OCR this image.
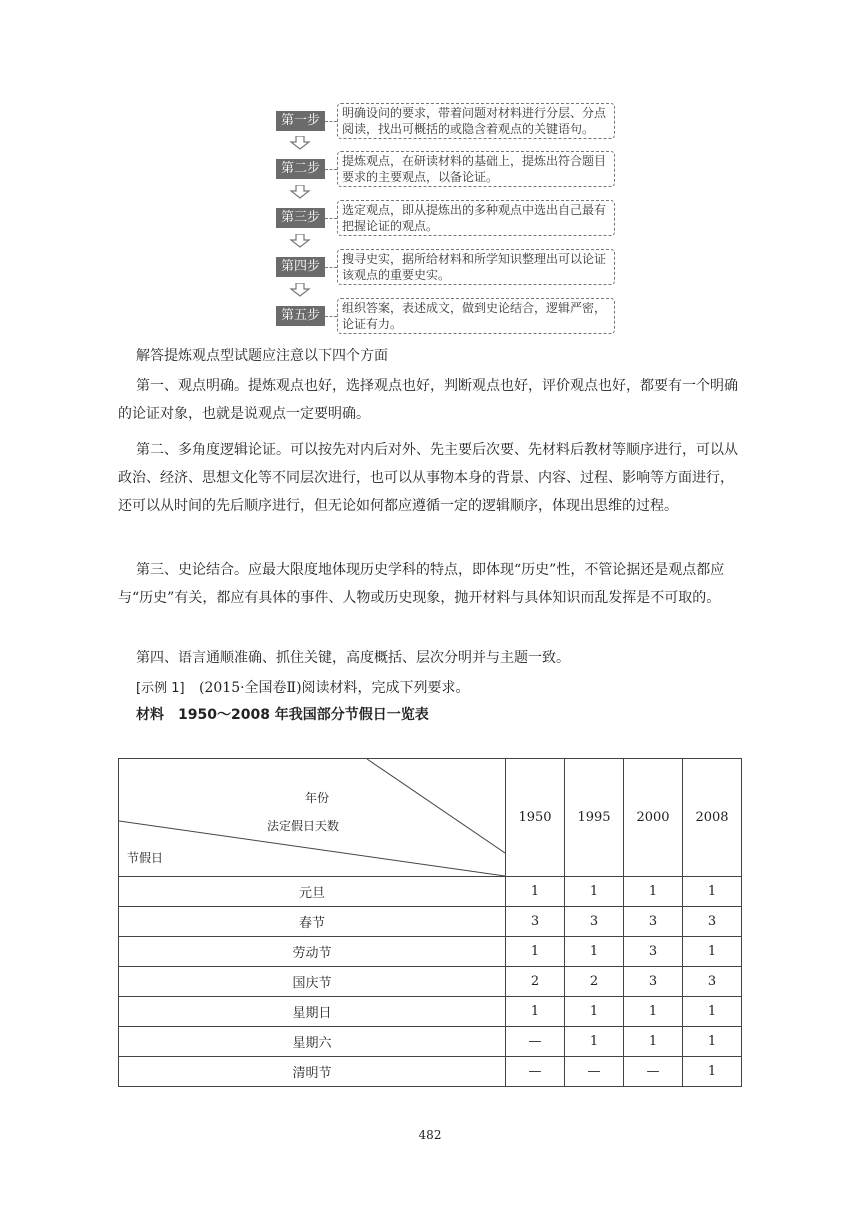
第一步	明确设问的要求，带着问题对材料进行分层、分点阅读，找出可概括的或隐含着观点的关键语句。
第二步	提炼观点，在研读材料的基础上，提炼出符合题目要求的主要观点，以备论证。
第三步	选定观点，即从提炼出的多种观点中选出自己最有把握论证的观点。
第四步	搜寻史实，据所给材料和所学知识整理出可以论证该观点的重要史实。
第五步	组织答案，表述成文，做到史论结合，逻辑严密，论证有力。
解答提炼观点型试题应注意以下四个方面
第一、观点明确。提炼观点也好，选择观点也好，判断观点也好，评价观点也好，都要有一个明确的论证对象，也就是说观点一定要明确。
第二、多角度逻辑论证。可以按先对内后对外、先主要后次要、先材料后教材等顺序进行，可以从政治、经济、思想文化等不同层次进行，也可以从事物本身的背景、内容、过程、影响等方面进行，还可以从时间的先后顺序进行，但无论如何都应遵循一定的逻辑顺序，体现出思维的过程。
第三、史论结合。应最大限度地体现历史学科的特点，即体现“历史”性，不管论据还是观点都应与“历史”有关，都应有具体的事件、人物或历史现象，抛开材料与具体知识而乱发挥是不可取的。
第四、语言通顺准确、抓住关键，高度概括、层次分明并与主题一致。
[示例 1] (2015·全国卷Ⅱ)阅读材料，完成下列要求。
材料 1950～2008 年我国部分节假日一览表
年份
法定假日天数
节假日	1950	1995	2000	2008
元旦	1	1	1	1
春节	3	3	3	3
劳动节	1	1	3	1
国庆节	2	2	3	3
星期日	1	1	1	1
星期六	—	1	1	1
清明节	—	—	—	1
482
